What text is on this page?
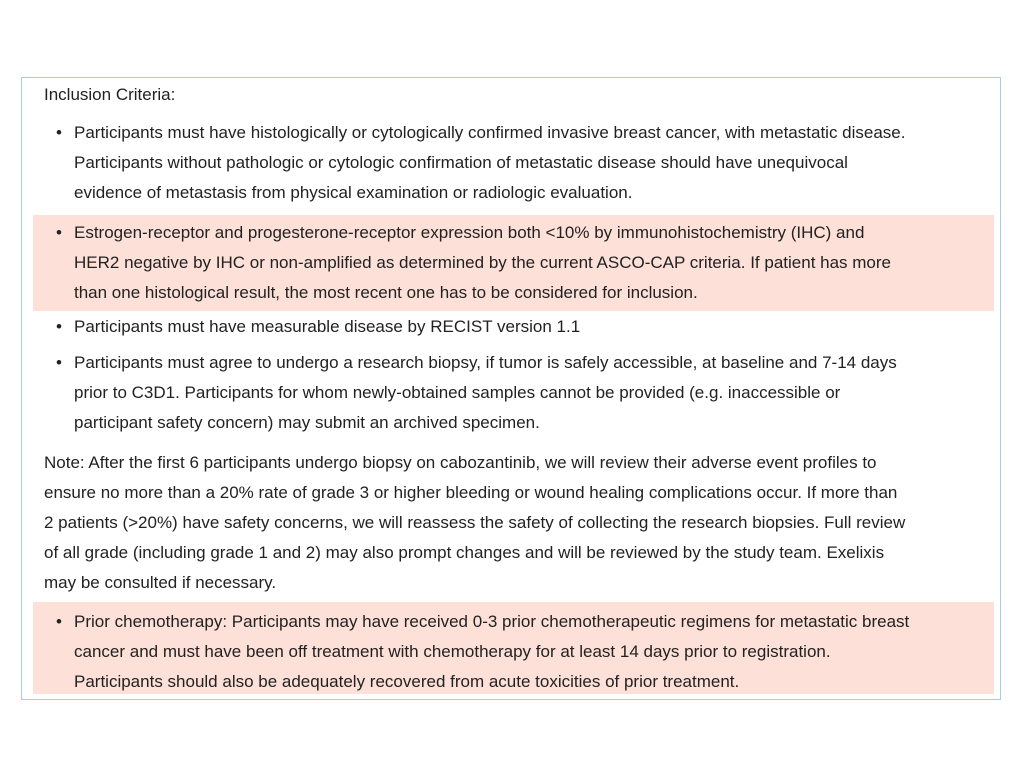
Inclusion Criteria:
• Participants must have histologically or cytologically confirmed invasive breast cancer, with metastatic disease.
Participants without pathologic or cytologic confirmation of metastatic disease should have unequivocal
evidence of metastasis from physical examination or radiologic evaluation.
• Estrogen-receptor and progesterone-receptor expression both <10% by immunohistochemistry (IHC) and
HER2 negative by IHC or non-amplified as determined by the current ASCO-CAP criteria. If patient has more
than one histological result, the most recent one has to be considered for inclusion.
• Participants must have measurable disease by RECIST version 1.1
• Participants must agree to undergo a research biopsy, if tumor is safely accessible, at baseline and 7-14 days
prior to C3D1. Participants for whom newly-obtained samples cannot be provided (e.g. inaccessible or
participant safety concern) may submit an archived specimen.
Note: After the first 6 participants undergo biopsy on cabozantinib, we will review their adverse event profiles to
ensure no more than a 20% rate of grade 3 or higher bleeding or wound healing complications occur. If more than
2 patients (>20%) have safety concerns, we will reassess the safety of collecting the research biopsies. Full review
of all grade (including grade 1 and 2) may also prompt changes and will be reviewed by the study team. Exelixis
may be consulted if necessary.
• Prior chemotherapy: Participants may have received 0-3 prior chemotherapeutic regimens for metastatic breast
cancer and must have been off treatment with chemotherapy for at least 14 days prior to registration.
Participants should also be adequately recovered from acute toxicities of prior treatment.
